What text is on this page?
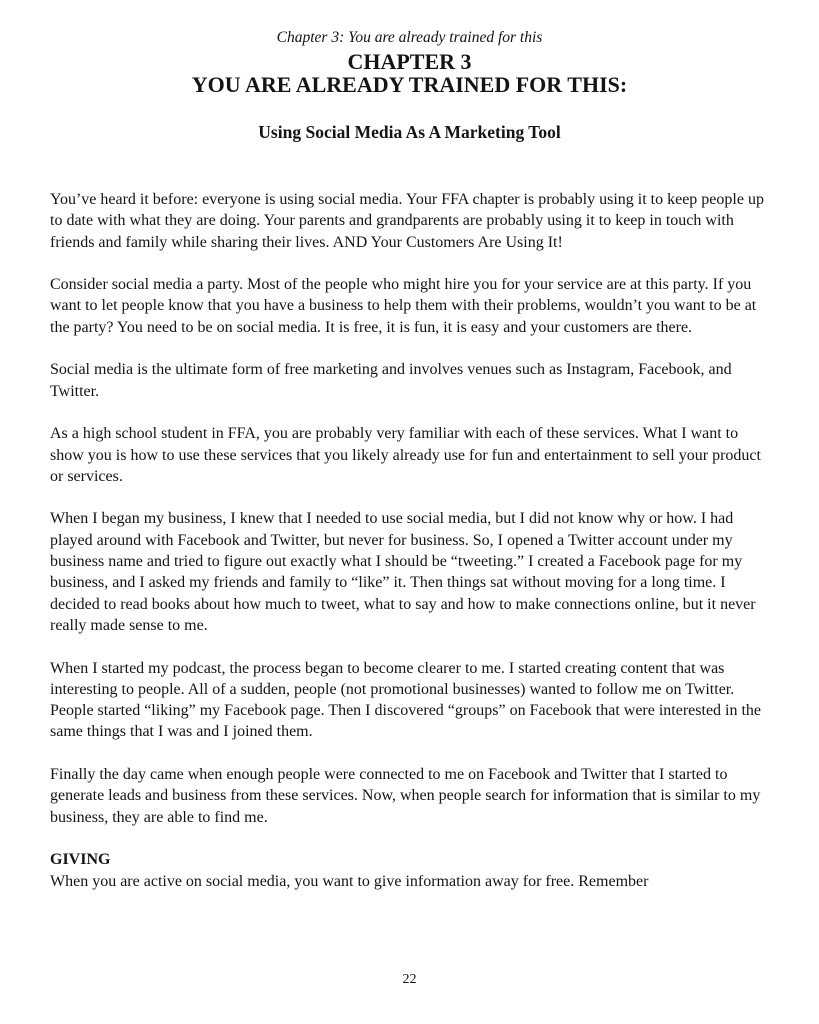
Chapter 3: You are already trained for this
CHAPTER 3
YOU ARE ALREADY TRAINED FOR THIS:
Using Social Media As A Marketing Tool

You’ve heard it before: everyone is using social media. Your FFA chapter is probably using it to keep people up to date with what they are doing. Your parents and grandparents are probably using it to keep in touch with friends and family while sharing their lives. AND Your Customers Are Using It!

Consider social media a party. Most of the people who might hire you for your service are at this party. If you want to let people know that you have a business to help them with their problems, wouldn’t you want to be at the party? You need to be on social media. It is free, it is fun, it is easy and your customers are there.

Social media is the ultimate form of free marketing and involves venues such as Instagram, Facebook, and Twitter.

As a high school student in FFA, you are probably very familiar with each of these services. What I want to show you is how to use these services that you likely already use for fun and entertainment to sell your product or services.

When I began my business, I knew that I needed to use social media, but I did not know why or how. I had played around with Facebook and Twitter, but never for business. So, I opened a Twitter account under my business name and tried to figure out exactly what I should be “tweeting.” I created a Facebook page for my business, and I asked my friends and family to “like” it. Then things sat without moving for a long time. I decided to read books about how much to tweet, what to say and how to make connections online, but it never really made sense to me.

When I started my podcast, the process began to become clearer to me. I started creating content that was interesting to people. All of a sudden, people (not promotional businesses) wanted to follow me on Twitter. People started “liking” my Facebook page. Then I discovered “groups” on Facebook that were interested in the same things that I was and I joined them.

Finally the day came when enough people were connected to me on Facebook and Twitter that I started to generate leads and business from these services. Now, when people search for information that is similar to my business, they are able to find me.

GIVING
When you are active on social media, you want to give information away for free. Remember
22
